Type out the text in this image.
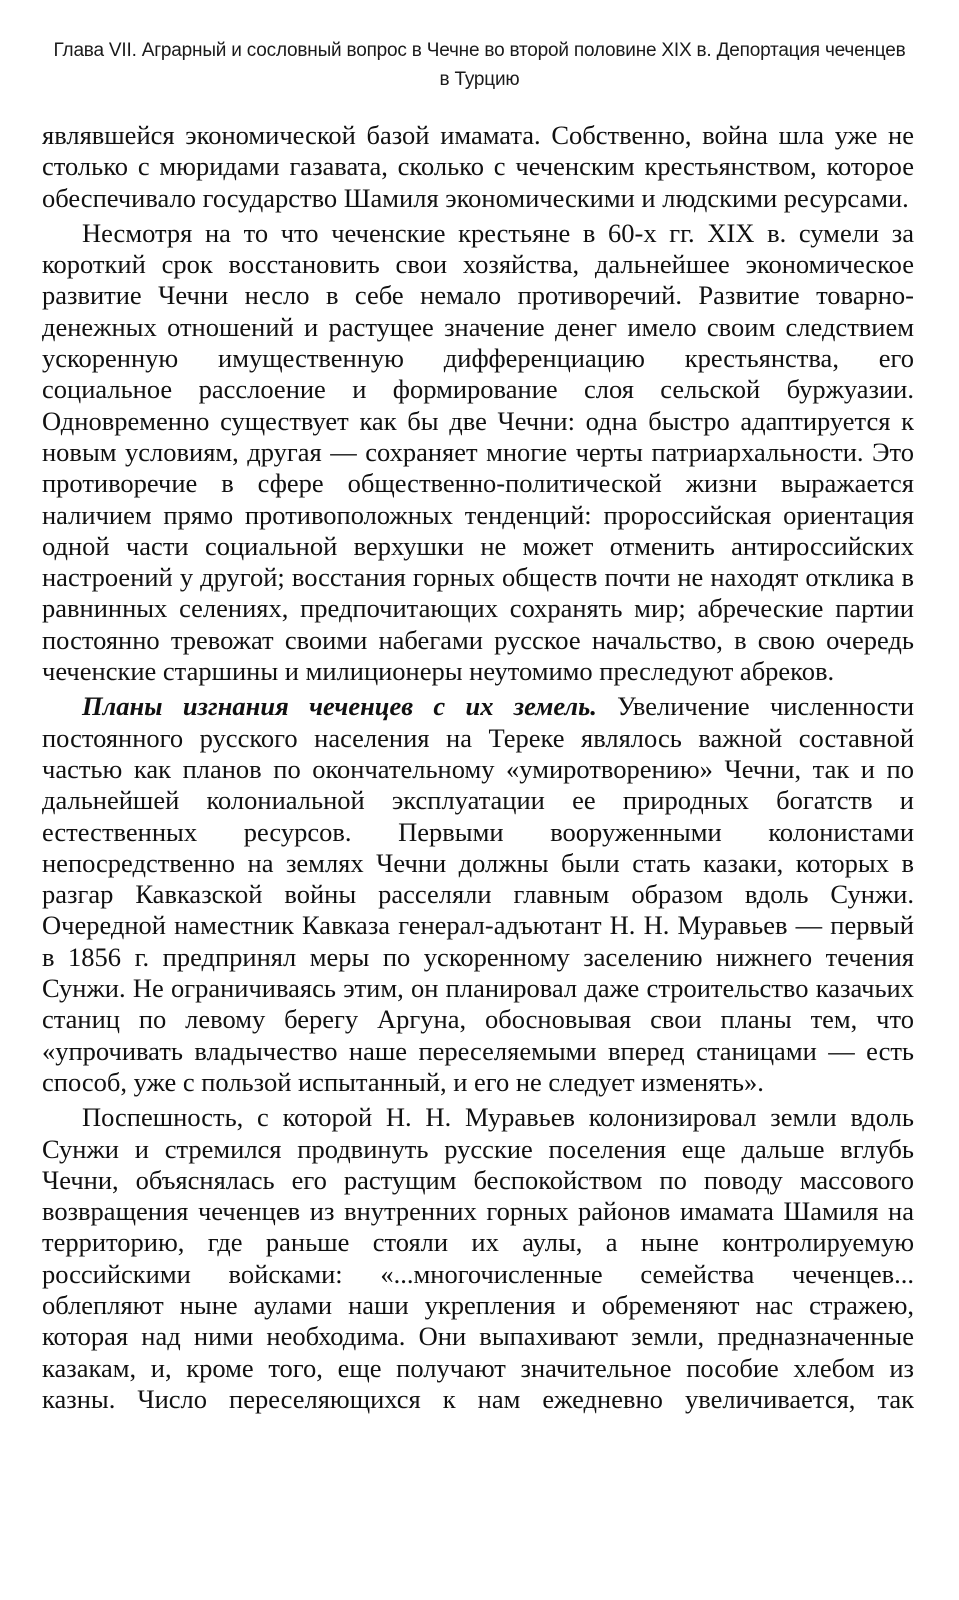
Глава VII. Аграрный и сословный вопрос в Чечне во второй половине XIX в. Депортация чеченцев
в Турцию

являвшейся экономической базой имамата. Собственно, война шла уже не столько с мюридами газавата, сколько с чеченским крестьянством, которое обеспечивало государство Шамиля экономическими и людскими ресурсами.

Несмотря на то что чеченские крестьяне в 60-х гг. XIX в. сумели за короткий срок восстановить свои хозяйства, дальнейшее экономическое развитие Чечни несло в себе немало противоречий. Развитие товарно-денежных отношений и растущее значение денег имело своим следствием ускоренную имущественную дифференциацию крестьянства, его социальное расслоение и формирование слоя сельской буржуазии. Одновременно существует как бы две Чечни: одна быстро адаптируется к новым условиям, другая — сохраняет многие черты патриархальности. Это противоречие в сфере общественно-политической жизни выражается наличием прямо противоположных тенденций: пророссийская ориентация одной части социальной верхушки не может отменить антироссийских настроений у другой; восстания горных обществ почти не находят отклика в равнинных селениях, предпочитающих сохранять мир; абреческие партии постоянно тревожат своими набегами русское начальство, в свою очередь чеченские старшины и милиционеры неутомимо преследуют абреков.

Планы изгнания чеченцев с их земель. Увеличение численности постоянного русского населения на Тереке являлось важной составной частью как планов по окончательному «умиротворению» Чечни, так и по дальнейшей колониальной эксплуатации ее природных богатств и естественных ресурсов. Первыми вооруженными колонистами непосредственно на землях Чечни должны были стать казаки, которых в разгар Кавказской войны расселяли главным образом вдоль Сунжи. Очередной наместник Кавказа генерал-адъютант Н. Н. Муравьев — первый в 1856 г. предпринял меры по ускоренному заселению нижнего течения Сунжи. Не ограничиваясь этим, он планировал даже строительство казачьих станиц по левому берегу Аргуна, обосновывая свои планы тем, что «упрочивать владычество наше переселяемыми вперед станицами — есть способ, уже с пользой испытанный, и его не следует изменять».

Поспешность, с которой Н. Н. Муравьев колонизировал земли вдоль Сунжи и стремился продвинуть русские поселения еще дальше вглубь Чечни, объяснялась его растущим беспокойством по поводу массового возвращения чеченцев из внутренних горных районов имамата Шамиля на территорию, где раньше стояли их аулы, а ныне контролируемую российскими войсками: «...многочисленные семейства чеченцев... облепляют ныне аулами наши укрепления и обременяют нас стражею, которая над ними необходима. Они выпахивают земли, предназначенные казакам, и, кроме того, еще получают значительное пособие хлебом из казны. Число переселяющихся к нам ежедневно увеличивается, так
